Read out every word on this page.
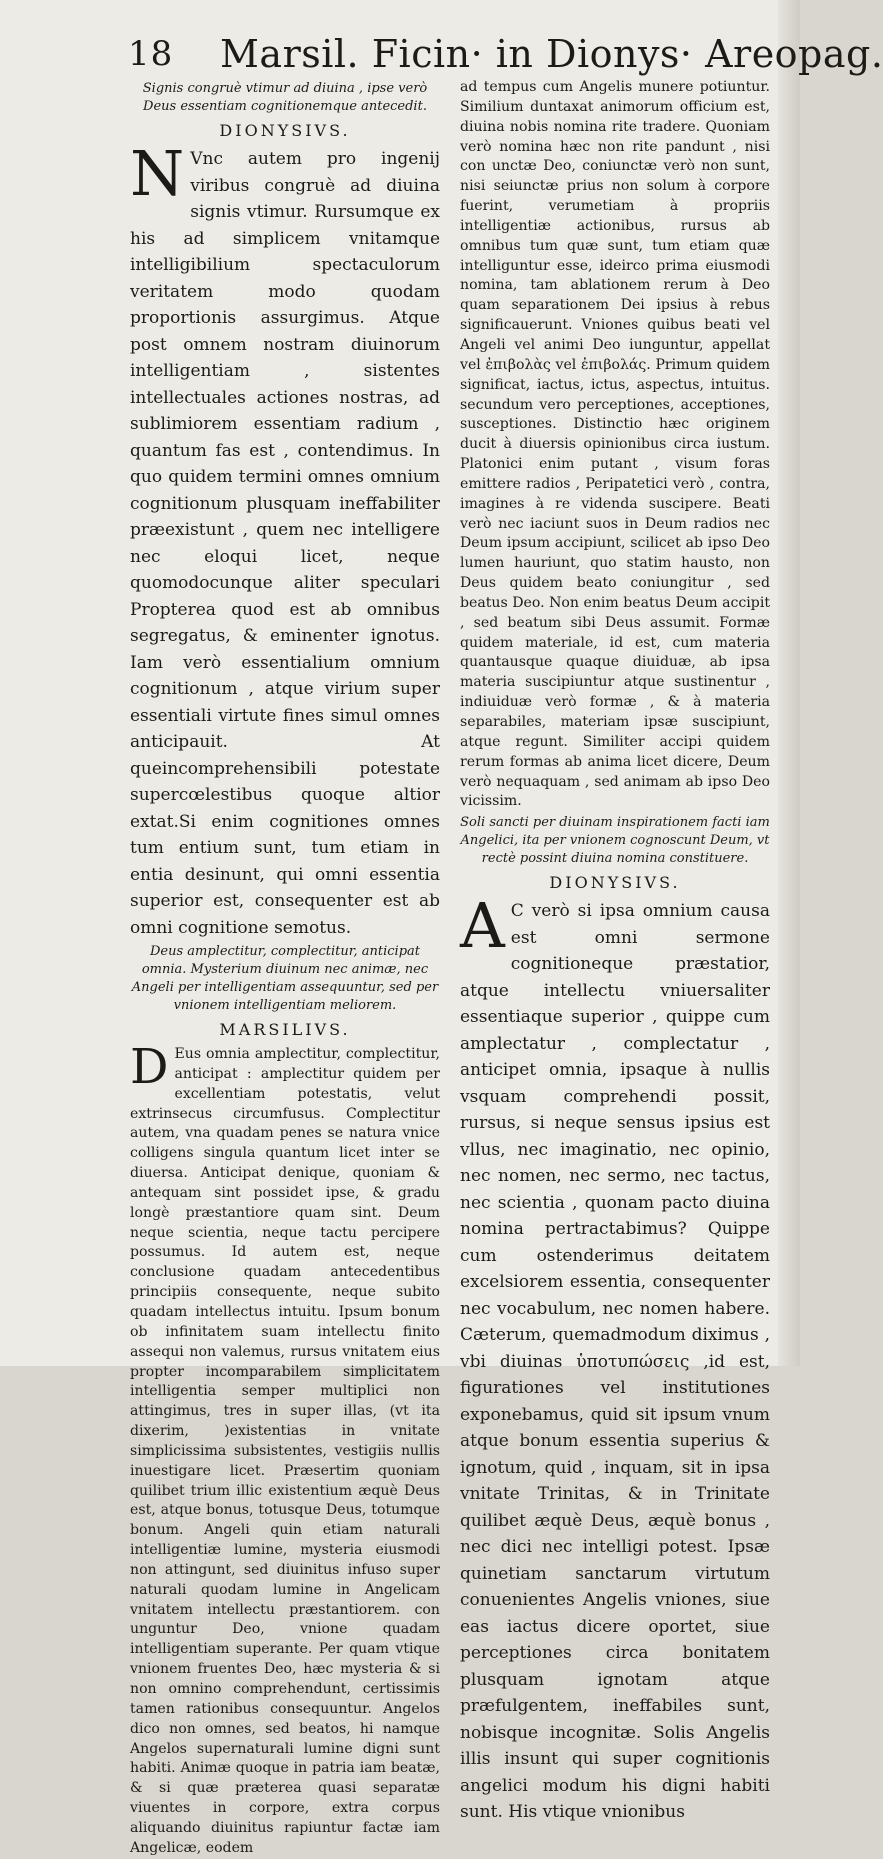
18 Marsil. Ficin· in Dionys· Areopag.

Signis congruè vtimur ad diuina , ipse verò Deus essentiam cognitionemque antecedit.

DIONYSIVS.

N Vnc autem pro ingenij viribus congruè ad diuina signis vtimur. Rursumque ex his ad simplicem vnitamque intelligibilium spectaculorum veritatem modo quodam proportionis assurgimus. Atque post omnem nostram diuinorum intelligentiam , sistentes intellectuales actiones nostras, ad sublimiorem essentiam radium , quantum fas est , contendimus. In quo quidem termini omnes omnium cognitionum plusquam ineffabiliter præexistunt , quem nec intelligere nec eloqui licet, neque quomodocunque aliter speculari Propterea quod est ab omnibus segregatus, & eminenter ignotus. Iam verò essentialium omnium cognitionum , atque virium super essentiali virtute fines simul omnes anticipauit. At queincomprehensibili potestate supercœlestibus quoque altior extat.Si enim cognitiones omnes tum entium sunt, tum etiam in entia desinunt, qui omni essentia superior est, consequenter est ab omni cognitione semotus.

Deus amplectitur, complectitur, anticipat omnia. Mysterium diuinum nec animæ, nec Angeli per intelligentiam assequuntur, sed per vnionem intelligentiam meliorem.

MARSILIVS.

D Eus omnia amplectitur, complectitur, anticipat : amplectitur quidem per excellentiam potestatis, velut extrinsecus circumfusus. Complectitur autem, vna quadam penes se natura vnice colligens singula quantum licet inter se diuersa. Anticipat denique, quoniam & antequam sint possidet ipse, & gradu longè præstantiore quam sint. Deum neque scientia, neque tactu percipere possumus. Id autem est, neque conclusione quadam antecedentibus principiis consequente, neque subito quadam intellectus intuitu. Ipsum bonum ob infinitatem suam intellectu finito assequi non valemus, rursus vnitatem eius propter incomparabilem simplicitatem intelligentia semper multiplici non attingimus, tres in super illas, (vt ita dixerim, )existentias in vnitate simplicissima subsistentes, vestigiis nullis inuestigare licet. Præsertim quoniam quilibet trium illic existentium æquè Deus est, atque bonus, totusque Deus, totumque bonum. Angeli quin etiam naturali intelligentiæ lumine, mysteria eiusmodi non attingunt, sed diuinitus infuso super naturali quodam lumine in Angelicam vnitatem intellectu præstantiorem. con unguntur Deo, vnione quadam intelligentiam superante. Per quam vtique vnionem fruentes Deo, hæc mysteria & si non omnino comprehendunt, certissimis tamen rationibus consequuntur. Angelos dico non omnes, sed beatos, hi namque Angelos supernaturali lumine digni sunt habiti. Animæ quoque in patria iam beatæ, & si quæ præterea quasi separatæ viuentes in corpore, extra corpus aliquando diuinitus rapiuntur factæ iam Angelicæ, eodem

ad tempus cum Angelis munere potiuntur. Similium duntaxat animorum officium est, diuina nobis nomina rite tradere. Quoniam verò nomina hæc non rite pandunt , nisi con unctæ Deo, coniunctæ verò non sunt, nisi seiunctæ prius non solum à corpore fuerint, verumetiam à propriis intelligentiæ actionibus, rursus ab omnibus tum quæ sunt, tum etiam quæ intelliguntur esse, ideirco prima eiusmodi nomina, tam ablationem rerum à Deo quam separationem Dei ipsius à rebus significauerunt. Vniones quibus beati vel Angeli vel animi Deo iunguntur, appellat vel ἐπιβολὰς vel ἐπιβολάς. Primum quidem significat, iactus, ictus, aspectus, intuitus. secundum vero perceptiones, acceptiones, susceptiones. Distinctio hæc originem ducit à diuersis opinionibus circa iustum. Platonici enim putant , visum foras emittere radios , Peripatetici verò , contra, imagines à re videnda suscipere. Beati verò nec iaciunt suos in Deum radios nec Deum ipsum accipiunt, scilicet ab ipso Deo lumen hauriunt, quo statim hausto, non Deus quidem beato coniungitur , sed beatus Deo. Non enim beatus Deum accipit , sed beatum sibi Deus assumit. Formæ quidem materiale, id est, cum materia quantausque quaque diuiduæ, ab ipsa materia suscipiuntur atque sustinentur , indiuiduæ verò formæ , & à materia separabiles, materiam ipsæ suscipiunt, atque regunt. Similiter accipi quidem rerum formas ab anima licet dicere, Deum verò nequaquam , sed animam ab ipso Deo vicissim.

Soli sancti per diuinam inspirationem facti iam Angelici, ita per vnionem cognoscunt Deum, vt rectè possint diuina nomina constituere.

DIONYSIVS.

A C verò si ipsa omnium causa est omni sermone cognitioneque præstatior, atque intellectu vniuersaliter essentiaque superior , quippe cum amplectatur , complectatur , anticipet omnia, ipsaque à nullis vsquam comprehendi possit, rursus, si neque sensus ipsius est vllus, nec imaginatio, nec opinio, nec nomen, nec sermo, nec tactus, nec scientia , quonam pacto diuina nomina pertractabimus? Quippe cum ostenderimus deitatem excelsiorem essentia, consequenter nec vocabulum, nec nomen habere. Cæterum, quemadmodum diximus , vbi diuinas ὑποτυπώσεις ,id est, figurationes vel institutiones exponebamus, quid sit ipsum vnum atque bonum essentia superius & ignotum, quid , inquam, sit in ipsa vnitate Trinitas, & in Trinitate quilibet æquè Deus, æquè bonus , nec dici nec intelligi potest. Ipsæ quinetiam sanctarum virtutum conuenientes Angelis vniones, siue eas iactus dicere oportet, siue perceptiones circa bonitatem plusquam ignotam atque præfulgentem, ineffabiles sunt, nobisque incognitæ. Solis Angelis illis insunt qui super cognitionis angelici modum his digni habiti sunt. His vtique vnionibus
